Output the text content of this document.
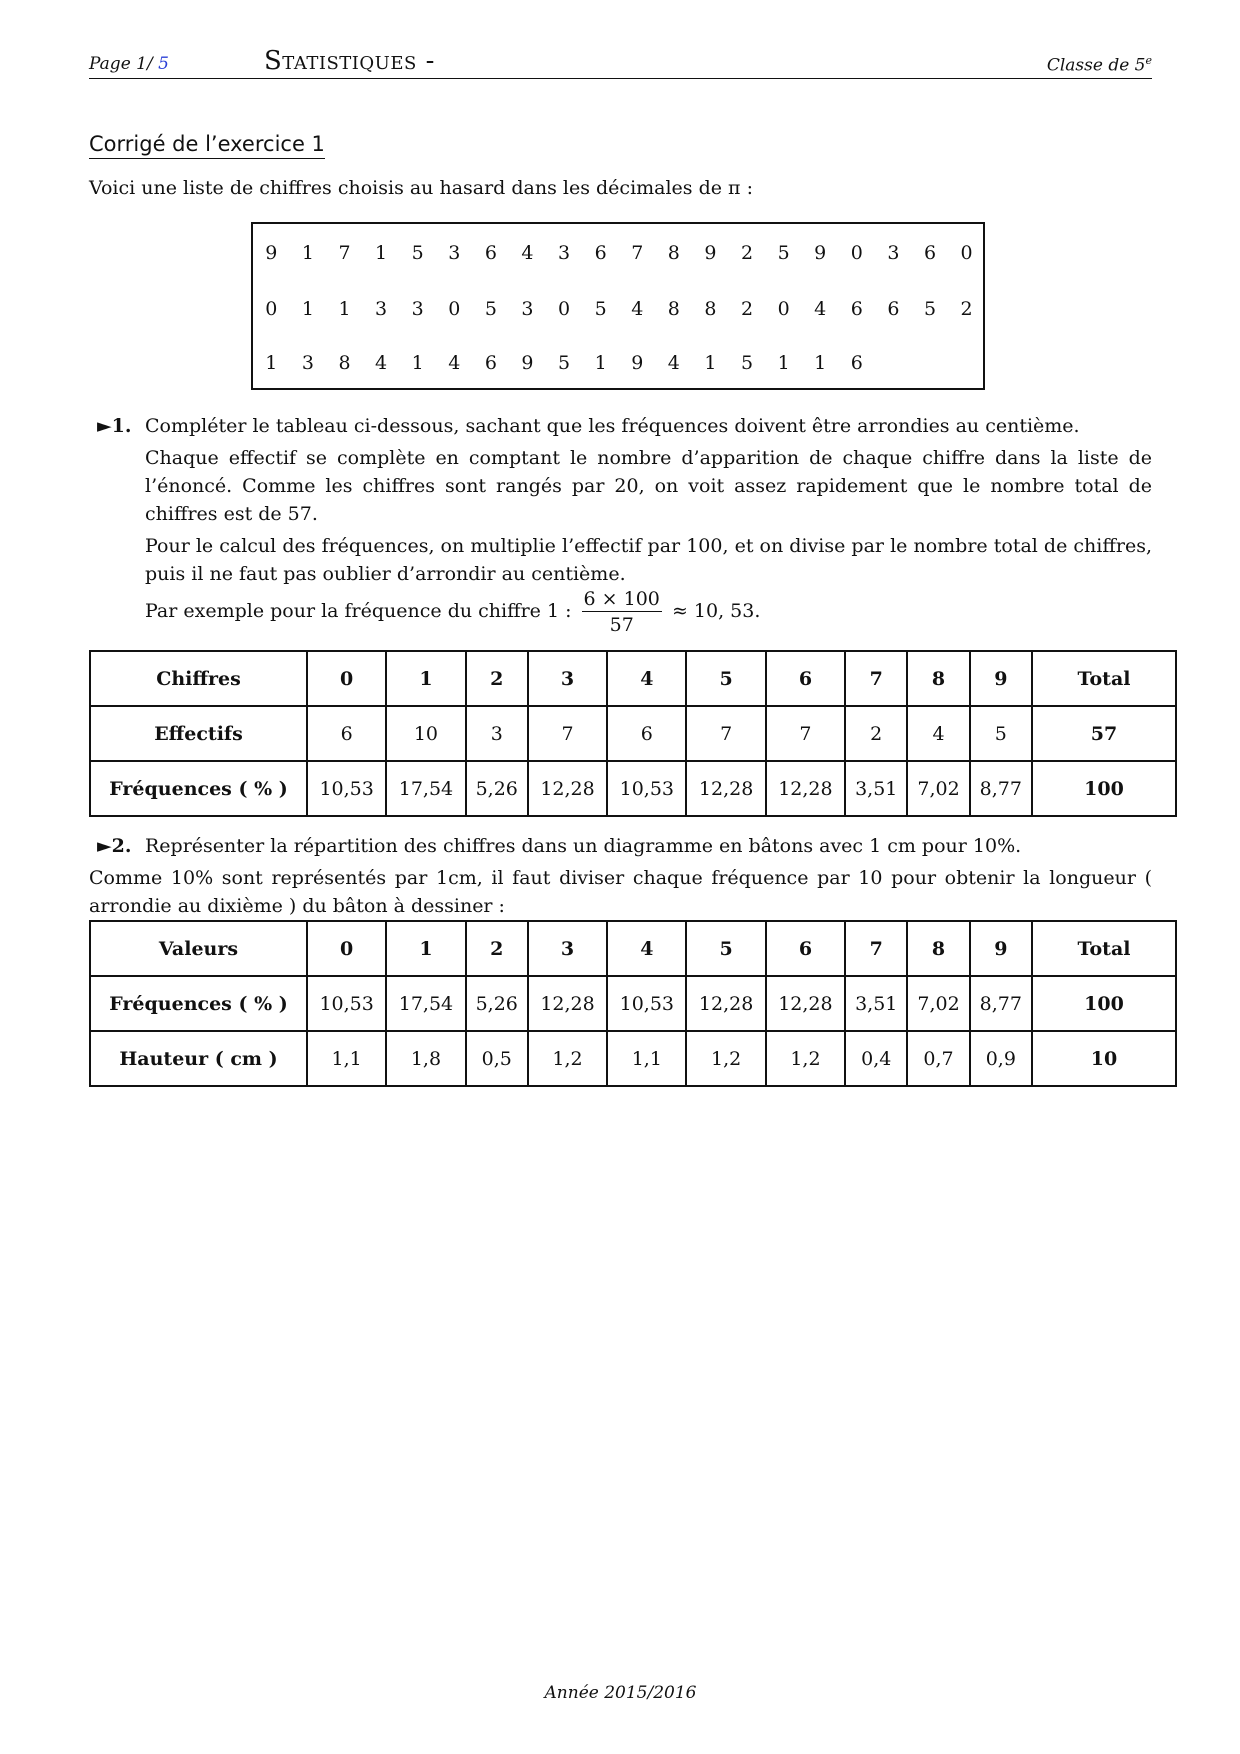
Page 1/ 5	Statistiques -	Classe de 5e
Corrigé de l’exercice 1
Voici une liste de chiffres choisis au hasard dans les décimales de π :
9	1	7	1	5	3	6	4	3	6	7	8	9	2	5	9	0	3	6	0
0	1	1	3	3	0	5	3	0	5	4	8	8	2	0	4	6	6	5	2
1	3	8	4	1	4	6	9	5	1	9	4	1	5	1	1	6
►1. Compléter le tableau ci-dessous, sachant que les fréquences doivent être arrondies au centième.
Chaque effectif se complète en comptant le nombre d’apparition de chaque chiffre dans la liste de l’énoncé. Comme les chiffres sont rangés par 20, on voit assez rapidement que le nombre total de chiffres est de 57.
Pour le calcul des fréquences, on multiplie l’effectif par 100, et on divise par le nombre total de chiffres, puis il ne faut pas oublier d’arrondir au centième.
Par exemple pour la fréquence du chiffre 1 : $\frac{6 \times 100}{57} \approx 10$, 53.
Chiffres	0	1	2	3	4	5	6	7	8	9	Total
Effectifs	6	10	3	7	6	7	7	2	4	5	57
Fréquences ( % )	10,53	17,54	5,26	12,28	10,53	12,28	12,28	3,51	7,02	8,77	100
►2. Représenter la répartition des chiffres dans un diagramme en bâtons avec 1 cm pour 10%.
Comme 10% sont représentés par 1cm, il faut diviser chaque fréquence par 10 pour obtenir la longueur ( arrondie au dixième ) du bâton à dessiner :
Valeurs	0	1	2	3	4	5	6	7	8	9	Total
Fréquences ( % )	10,53	17,54	5,26	12,28	10,53	12,28	12,28	3,51	7,02	8,77	100
Hauteur ( cm )	1,1	1,8	0,5	1,2	1,1	1,2	1,2	0,4	0,7	0,9	10
Année 2015/2016
